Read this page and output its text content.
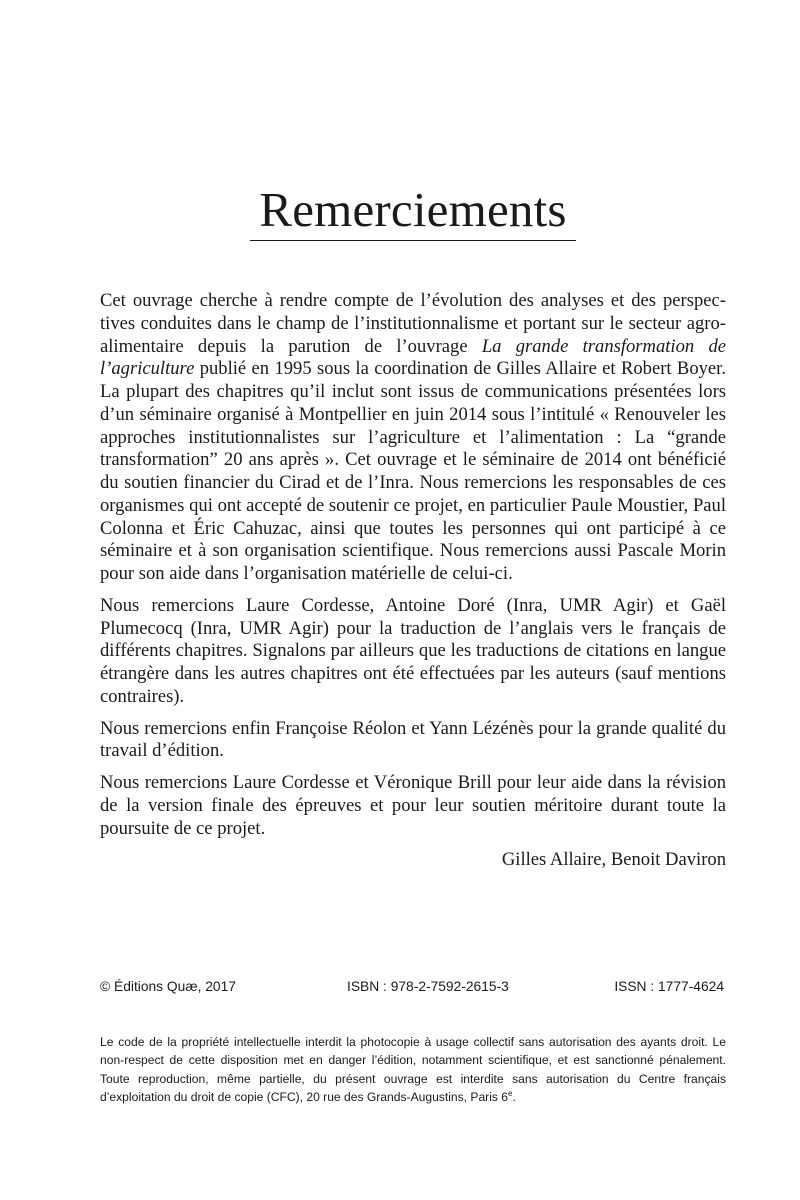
Remerciements

Cet ouvrage cherche à rendre compte de l’évolution des analyses et des perspectives conduites dans le champ de l’institutionnalisme et portant sur le secteur agroalimentaire depuis la parution de l’ouvrage La grande transformation de l’agriculture publié en 1995 sous la coordination de Gilles Allaire et Robert Boyer. La plupart des chapitres qu’il inclut sont issus de communications présentées lors d’un séminaire organisé à Montpellier en juin 2014 sous l’intitulé « Renouveler les approches institutionnalistes sur l’agriculture et l’alimentation : La “grande transformation” 20 ans après ». Cet ouvrage et le séminaire de 2014 ont bénéficié du soutien financier du Cirad et de l’Inra. Nous remercions les responsables de ces organismes qui ont accepté de soutenir ce projet, en particulier Paule Moustier, Paul Colonna et Éric Cahuzac, ainsi que toutes les personnes qui ont participé à ce séminaire et à son organisation scientifique. Nous remercions aussi Pascale Morin pour son aide dans l’organisation matérielle de celui-ci.

Nous remercions Laure Cordesse, Antoine Doré (Inra, UMR Agir) et Gaël Plumecocq (Inra, UMR Agir) pour la traduction de l’anglais vers le français de différents chapitres. Signalons par ailleurs que les traductions de citations en langue étrangère dans les autres chapitres ont été effectuées par les auteurs (sauf mentions contraires).

Nous remercions enfin Françoise Réolon et Yann Lézénès pour la grande qualité du travail d’édition.

Nous remercions Laure Cordesse et Véronique Brill pour leur aide dans la révision de la version finale des épreuves et pour leur soutien méritoire durant toute la poursuite de ce projet.

Gilles Allaire, Benoit Daviron

© Éditions Quæ, 2017	ISBN : 978-2-7592-2615-3	ISSN : 1777-4624

Le code de la propriété intellectuelle interdit la photocopie à usage collectif sans autorisation des ayants droit. Le non-respect de cette disposition met en danger l’édition, notamment scientifique, et est sanctionné pénalement. Toute reproduction, même partielle, du présent ouvrage est interdite sans autorisation du Centre français d’exploitation du droit de copie (CFC), 20 rue des Grands-Augustins, Paris 6e.
